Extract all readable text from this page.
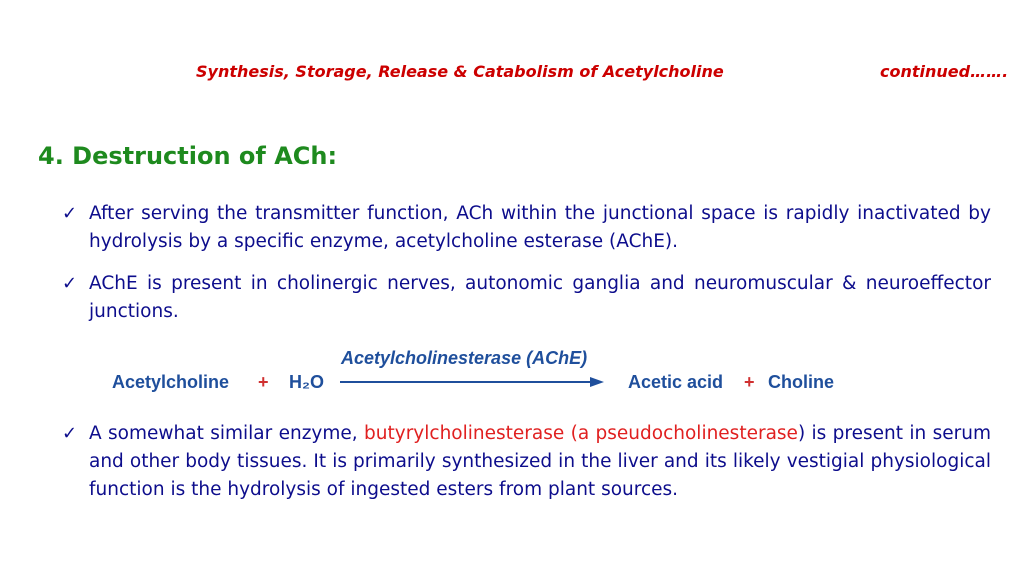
Synthesis, Storage, Release & Catabolism of Acetylcholine	continued…….
4. Destruction of ACh:
✓ After serving the transmitter function, ACh within the junctional space is rapidly inactivated by hydrolysis by a specific enzyme, acetylcholine esterase (AChE).
✓ AChE is present in cholinergic nerves, autonomic ganglia and neuromuscular & neuroeffector junctions.
Acetylcholinesterase (AChE)
Acetylcholine + H₂O	Acetic acid + Choline
✓ A somewhat similar enzyme, butyrylcholinesterase (a pseudocholinesterase) is present in serum and other body tissues. It is primarily synthesized in the liver and its likely vestigial physiological function is the hydrolysis of ingested esters from plant sources.
